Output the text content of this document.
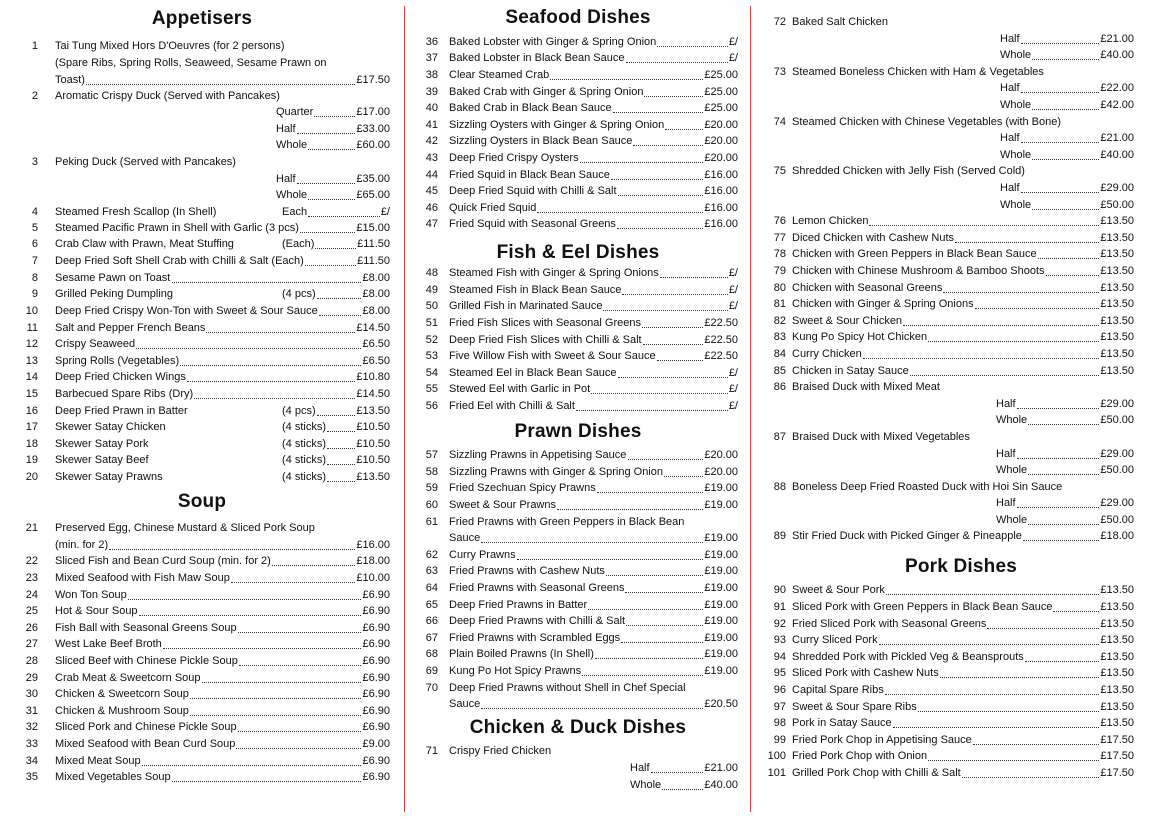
Appetisers
Soup
1 Tai Tung Mixed Hors D'Oeuvres (for 2 persons)
(Spare Ribs, Spring Rolls, Seaweed, Sesame Prawn on
Toast)	£17.50
2 Aromatic Crispy Duck (Served with Pancakes)
Quarter	£17.00
Half	£33.00
Whole	£60.00
3 Peking Duck (Served with Pancakes)
Half	£35.00
Whole	£65.00
4 Steamed Fresh Scallop (In Shell)	Each	£/
5 Steamed Pacific Prawn in Shell with Garlic (3 pcs)	£15.00
6 Crab Claw with Prawn, Meat Stuffing	(Each)	£11.50
7 Deep Fried Soft Shell Crab with Chilli & Salt (Each)	£11.50
8 Sesame Pawn on Toast	£8.00
9 Grilled Peking Dumpling	(4 pcs)	£8.00
10 Deep Fried Crispy Won-Ton with Sweet & Sour Sauce	£8.00
11 Salt and Pepper French Beans	£14.50
12 Crispy Seaweed	£6.50
13 Spring Rolls (Vegetables)	£6.50
14 Deep Fried Chicken Wings	£10.80
15 Barbecued Spare Ribs (Dry)	£14.50
16 Deep Fried Prawn in Batter	(4 pcs)	£13.50
17 Skewer Satay Chicken	(4 sticks)	£10.50
18 Skewer Satay Pork	(4 sticks)	£10.50
19 Skewer Satay Beef	(4 sticks)	£10.50
20 Skewer Satay Prawns	(4 sticks)	£13.50
21 Preserved Egg, Chinese Mustard & Sliced Pork Soup
(min. for 2)	£16.00
22 Sliced Fish and Bean Curd Soup (min. for 2)	£18.00
23 Mixed Seafood with Fish Maw Soup	£10.00
24 Won Ton Soup	£6.90
25 Hot & Sour Soup	£6.90
26 Fish Ball with Seasonal Greens Soup	£6.90
27 West Lake Beef Broth	£6.90
28 Sliced Beef with Chinese Pickle Soup	£6.90
29 Crab Meat & Sweetcorn Soup	£6.90
30 Chicken & Sweetcorn Soup	£6.90
31 Chicken & Mushroom Soup	£6.90
32 Sliced Pork and Chinese Pickle Soup	£6.90
33 Mixed Seafood with Bean Curd Soup	£9.00
34 Mixed Meat Soup	£6.90
35 Mixed Vegetables Soup	£6.90
Seafood Dishes
Fish & Eel Dishes
Prawn Dishes
Chicken & Duck Dishes
36 Baked Lobster with Ginger & Spring Onion	£/
37 Baked Lobster in Black Bean Sauce	£/
38 Clear Steamed Crab	£25.00
39 Baked Crab with Ginger & Spring Onion	£25.00
40 Baked Crab in Black Bean Sauce	£25.00
41 Sizzling Oysters with Ginger & Spring Onion	£20.00
42 Sizzling Oysters in Black Bean Sauce	£20.00
43 Deep Fried Crispy Oysters	£20.00
44 Fried Squid in Black Bean Sauce	£16.00
45 Deep Fried Squid with Chilli & Salt	£16.00
46 Quick Fried Squid	£16.00
47 Fried Squid with Seasonal Greens	£16.00
48 Steamed Fish with Ginger & Spring Onions	£/
49 Steamed Fish in Black Bean Sauce	£/
50 Grilled Fish in Marinated Sauce	£/
51 Fried Fish Slices with Seasonal Greens	£22.50
52 Deep Fried Fish Slices with Chilli & Salt	£22.50
53 Five Willow Fish with Sweet & Sour Sauce	£22.50
54 Steamed Eel in Black Bean Sauce	£/
55 Stewed Eel with Garlic in Pot	£/
56 Fried Eel with Chilli & Salt	£/
57 Sizzling Prawns in Appetising Sauce	£20.00
58 Sizzling Prawns with Ginger & Spring Onion	£20.00
59 Fried Szechuan Spicy Prawns	£19.00
60 Sweet & Sour Prawns	£19.00
61 Fried Prawns with Green Peppers in Black Bean
Sauce	£19.00
62 Curry Prawns	£19.00
63 Fried Prawns with Cashew Nuts	£19.00
64 Fried Prawns with Seasonal Greens	£19.00
65 Deep Fried Prawns in Batter	£19.00
66 Deep Fried Prawns with Chilli & Salt	£19.00
67 Fried Prawns with Scrambled Eggs	£19.00
68 Plain Boiled Prawns (In Shell)	£19.00
69 Kung Po Hot Spicy Prawns	£19.00
70 Deep Fried Prawns without Shell in Chef Special
Sauce	£20.50
71 Crispy Fried Chicken
Half	£21.00
Whole	£40.00
Pork Dishes
72 Baked Salt Chicken
Half	£21.00
Whole	£40.00
73 Steamed Boneless Chicken with Ham & Vegetables
Half	£22.00
Whole	£42.00
74 Steamed Chicken with Chinese Vegetables (with Bone)
Half	£21.00
Whole	£40.00
75 Shredded Chicken with Jelly Fish (Served Cold)
Half	£29.00
Whole	£50.00
76 Lemon Chicken	£13.50
77 Diced Chicken with Cashew Nuts	£13.50
78 Chicken with Green Peppers in Black Bean Sauce	£13.50
79 Chicken with Chinese Mushroom & Bamboo Shoots	£13.50
80 Chicken with Seasonal Greens	£13.50
81 Chicken with Ginger & Spring Onions	£13.50
82 Sweet & Sour Chicken	£13.50
83 Kung Po Spicy Hot Chicken	£13.50
84 Curry Chicken	£13.50
85 Chicken in Satay Sauce	£13.50
86 Braised Duck with Mixed Meat
Half	£29.00
Whole	£50.00
87 Braised Duck with Mixed Vegetables
Half	£29.00
Whole	£50.00
88 Boneless Deep Fried Roasted Duck with Hoi Sin Sauce
Half	£29.00
Whole	£50.00
89 Stir Fried Duck with Picked Ginger & Pineapple	£18.00
90 Sweet & Sour Pork	£13.50
91 Sliced Pork with Green Peppers in Black Bean Sauce	£13.50
92 Fried Sliced Pork with Seasonal Greens	£13.50
93 Curry Sliced Pork	£13.50
94 Shredded Pork with Pickled Veg & Beansprouts	£13.50
95 Sliced Pork with Cashew Nuts	£13.50
96 Capital Spare Ribs	£13.50
97 Sweet & Sour Spare Ribs	£13.50
98 Pork in Satay Sauce	£13.50
99 Fried Pork Chop in Appetising Sauce	£17.50
100 Fried Pork Chop with Onion	£17.50
101 Grilled Pork Chop with Chilli & Salt	£17.50
